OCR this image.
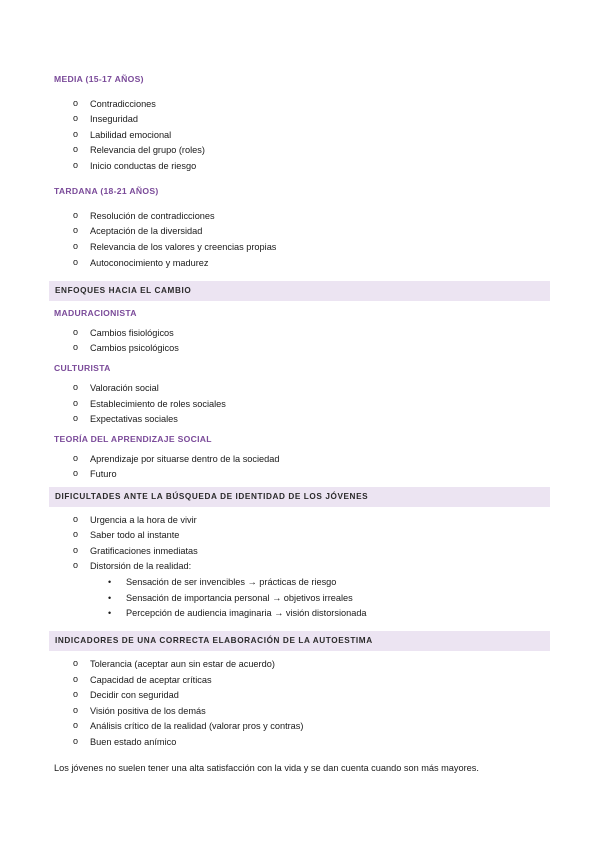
MEDIA (15-17 AÑOS)
o Contradicciones
o Inseguridad
o Labilidad emocional
o Relevancia del grupo (roles)
o Inicio conductas de riesgo
TARDANA (18-21 AÑOS)
o Resolución de contradicciones
o Aceptación de la diversidad
o Relevancia de los valores y creencias propias
o Autoconocimiento y madurez
ENFOQUES HACIA EL CAMBIO
MADURACIONISTA
o Cambios fisiológicos
o Cambios psicológicos
CULTURISTA
o Valoración social
o Establecimiento de roles sociales
o Expectativas sociales
TEORÍA DEL APRENDIZAJE SOCIAL
o Aprendizaje por situarse dentro de la sociedad
o Futuro
DIFICULTADES ANTE LA BÚSQUEDA DE IDENTIDAD DE LOS JÓVENES
o Urgencia a la hora de vivir
o Saber todo al instante
o Gratificaciones inmediatas
o Distorsión de la realidad:
• Sensación de ser invencibles → prácticas de riesgo
• Sensación de importancia personal → objetivos irreales
• Percepción de audiencia imaginaria → visión distorsionada
INDICADORES DE UNA CORRECTA ELABORACIÓN DE LA AUTOESTIMA
o Tolerancia (aceptar aun sin estar de acuerdo)
o Capacidad de aceptar críticas
o Decidir con seguridad
o Visión positiva de los demás
o Análisis crítico de la realidad (valorar pros y contras)
o Buen estado anímico
Los jóvenes no suelen tener una alta satisfacción con la vida y se dan cuenta cuando son más mayores.
